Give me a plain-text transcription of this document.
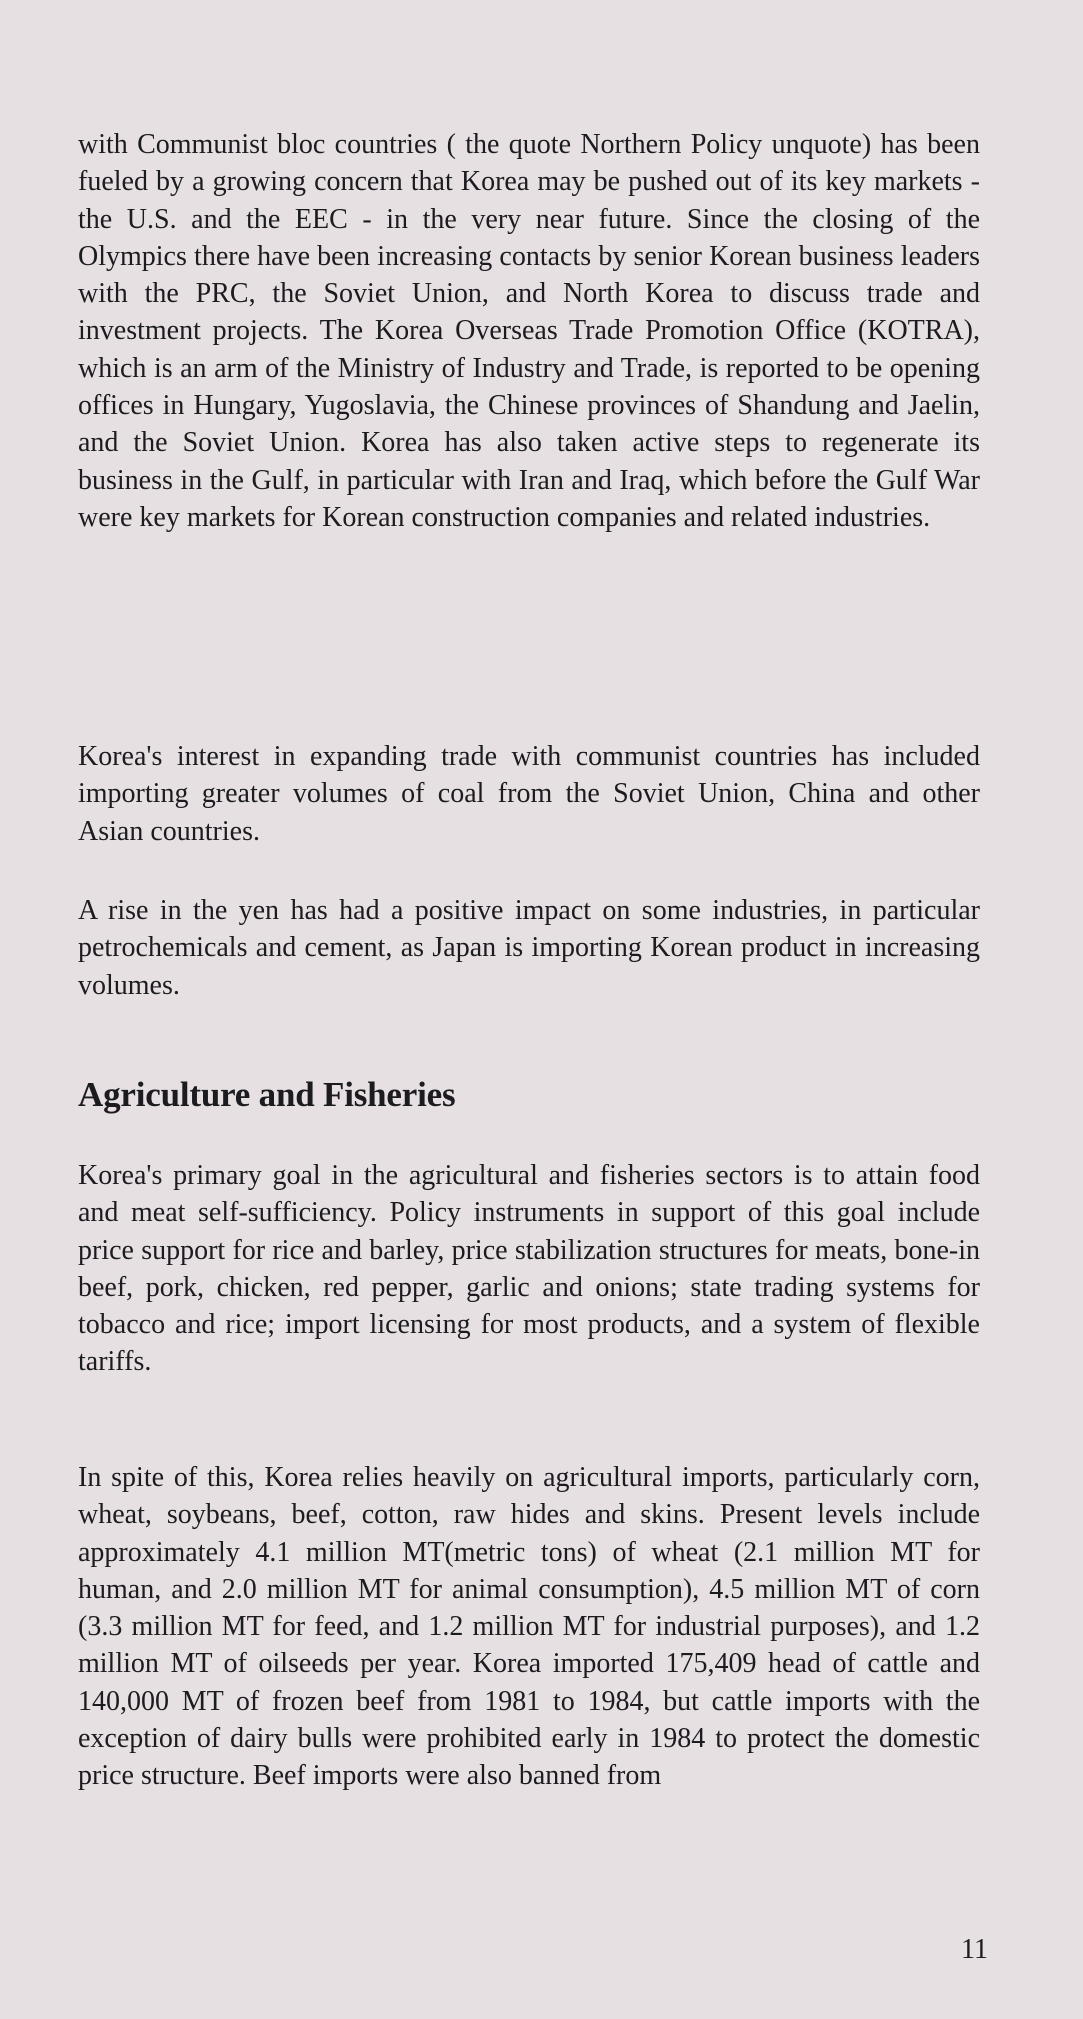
with Communist bloc countries ( the quote Northern Policy unquote) has been fueled by a growing concern that Korea may be pushed out of its key markets -the U.S. and the EEC - in the very near future. Since the closing of the Olympics there have been increasing contacts by senior Korean business leaders with the PRC, the Soviet Union, and North Korea to discuss trade and investment projects. The Korea Overseas Trade Promotion Office (KOTRA), which is an arm of the Ministry of Industry and Trade, is reported to be opening offices in Hungary, Yugoslavia, the Chinese provinces of Shandung and Jaelin, and the Soviet Union. Korea has also taken active steps to regenerate its business in the Gulf, in particular with Iran and Iraq, which before the Gulf War were key markets for Korean construction companies and related industries.

Korea's interest in expanding trade with communist countries has included importing greater volumes of coal from the Soviet Union, China and other Asian countries.

A rise in the yen has had a positive impact on some industries, in particular petrochemicals and cement, as Japan is importing Korean product in increasing volumes.

Agriculture and Fisheries

Korea's primary goal in the agricultural and fisheries sectors is to attain food and meat self-sufficiency. Policy instruments in support of this goal include price support for rice and barley, price stabilization structures for meats, bone-in beef, pork, chicken, red pepper, garlic and onions; state trading systems for tobacco and rice; import licensing for most products, and a system of flexible tariffs.

In spite of this, Korea relies heavily on agricultural imports, particularly corn, wheat, soybeans, beef, cotton, raw hides and skins. Present levels include approximately 4.1 million MT(metric tons) of wheat (2.1 million MT for human, and 2.0 million MT for animal consumption), 4.5 million MT of corn (3.3 million MT for feed, and 1.2 million MT for industrial purposes), and 1.2 million MT of oilseeds per year. Korea imported 175,409 head of cattle and 140,000 MT of frozen beef from 1981 to 1984, but cattle imports with the exception of dairy bulls were prohibited early in 1984 to protect the domestic price structure. Beef imports were also banned from

11
